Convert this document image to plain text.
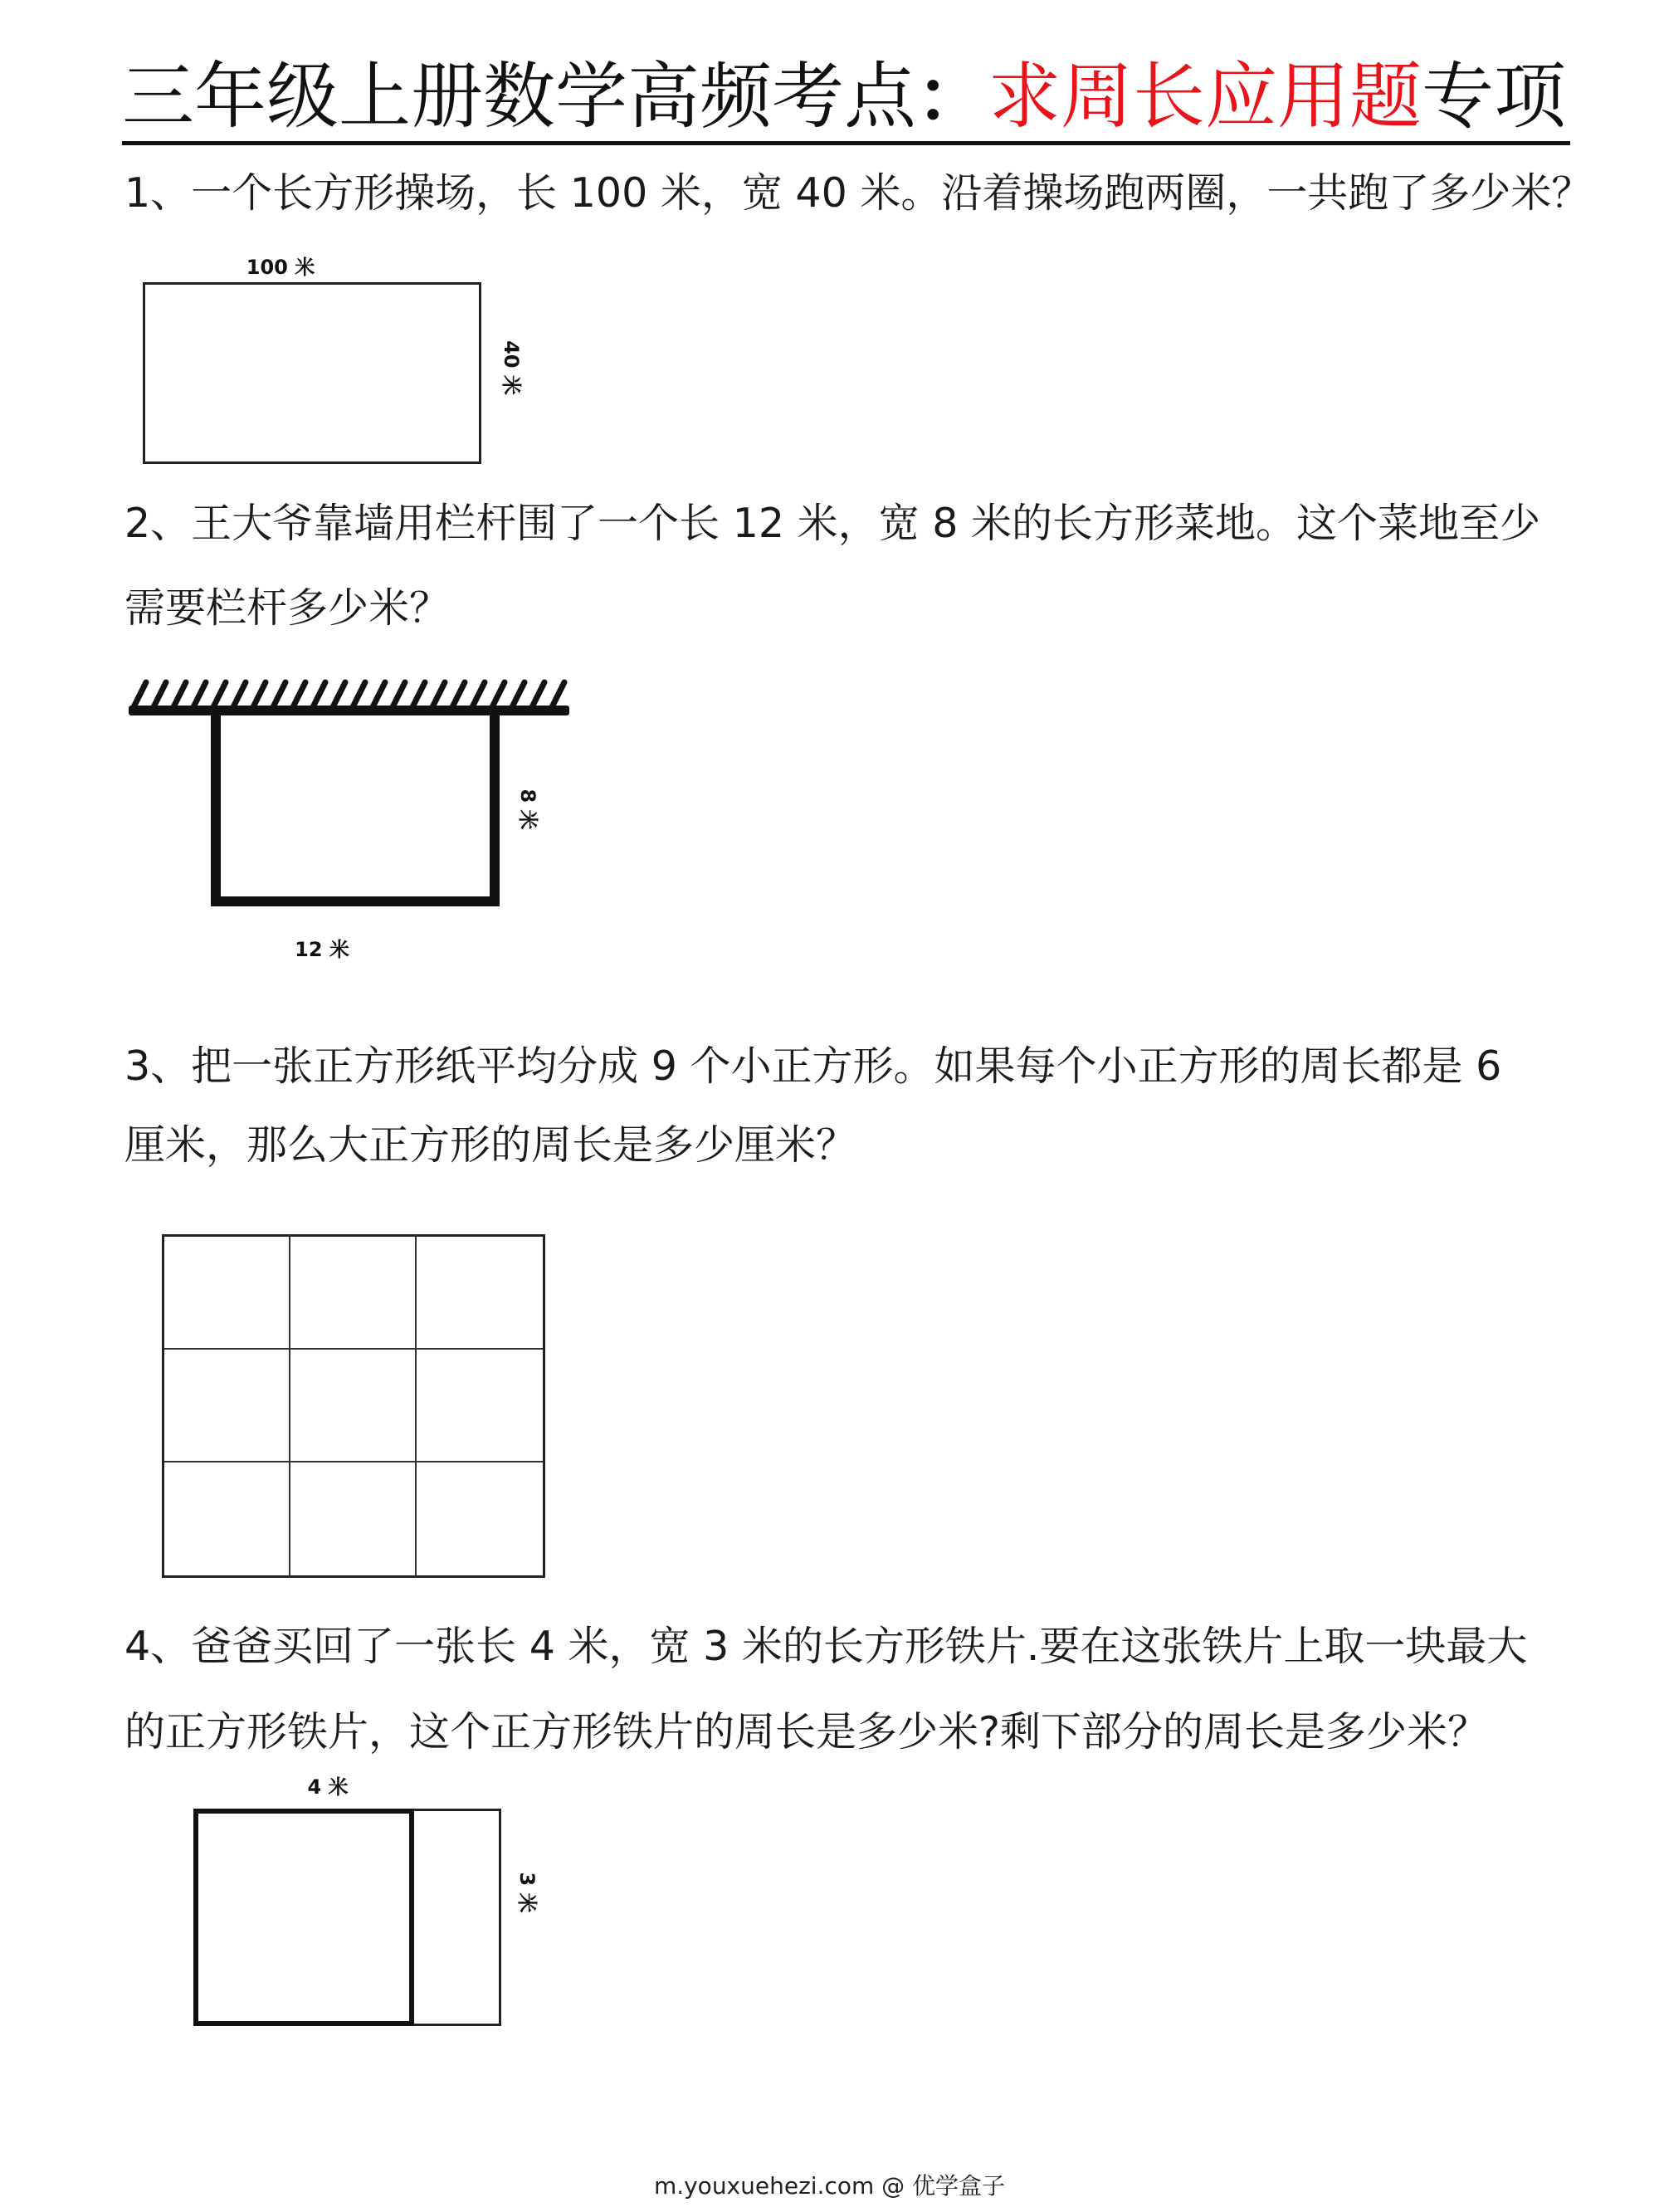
三年级上册数学高频考点：求周长应用题专项
1、一个长方形操场，长 100 米，宽 40 米。沿着操场跑两圈，一共跑了多少米？
100 米
40 米
2、王大爷靠墙用栏杆围了一个长 12 米，宽 8 米的长方形菜地。这个菜地至少
需要栏杆多少米？
8 米
12 米
3、把一张正方形纸平均分成 9 个小正方形。如果每个小正方形的周长都是 6
厘米，那么大正方形的周长是多少厘米？
4、爸爸买回了一张长 4 米，宽 3 米的长方形铁片.要在这张铁片上取一块最大
的正方形铁片，这个正方形铁片的周长是多少米?剩下部分的周长是多少米？
4 米
3 米
m.youxuehezi.com @ 优学盒子
